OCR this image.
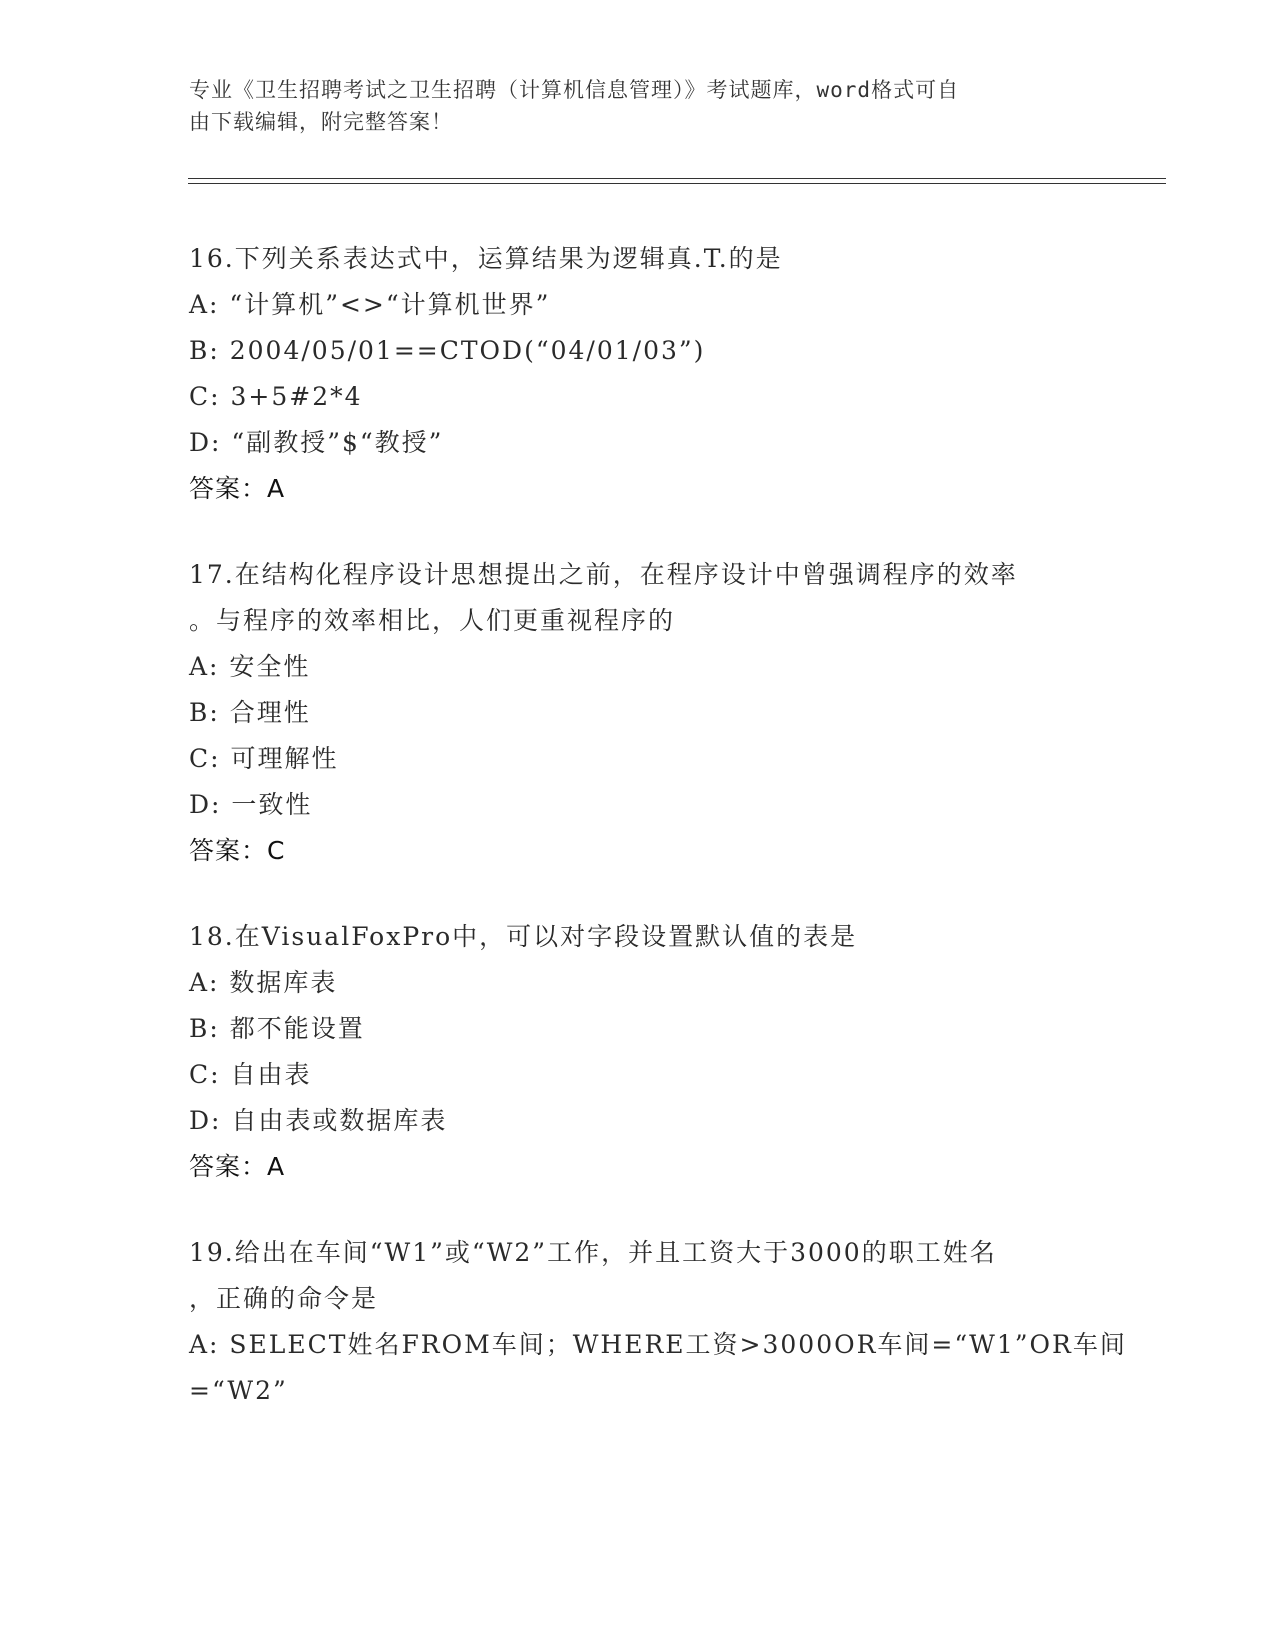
专业《卫生招聘考试之卫生招聘（计算机信息管理）》考试题库，word格式可自
由下载编辑，附完整答案！
16.下列关系表达式中，运算结果为逻辑真.T.的是
A: “计算机”<>“计算机世界”
B: 2004/05/01==CTOD(“04/01/03”)
C: 3+5#2*4
D: “副教授”$“教授”
答案：A
17.在结构化程序设计思想提出之前，在程序设计中曾强调程序的效率
。与程序的效率相比，人们更重视程序的
A: 安全性
B: 合理性
C: 可理解性
D: 一致性
答案：C
18.在VisualFoxPro中，可以对字段设置默认值的表是
A: 数据库表
B: 都不能设置
C: 自由表
D: 自由表或数据库表
答案：A
19.给出在车间“W1”或“W2”工作，并且工资大于3000的职工姓名
，正确的命令是
A: SELECT姓名FROM车间；WHERE工资>3000OR车间=“W1”OR车间
=“W2”
